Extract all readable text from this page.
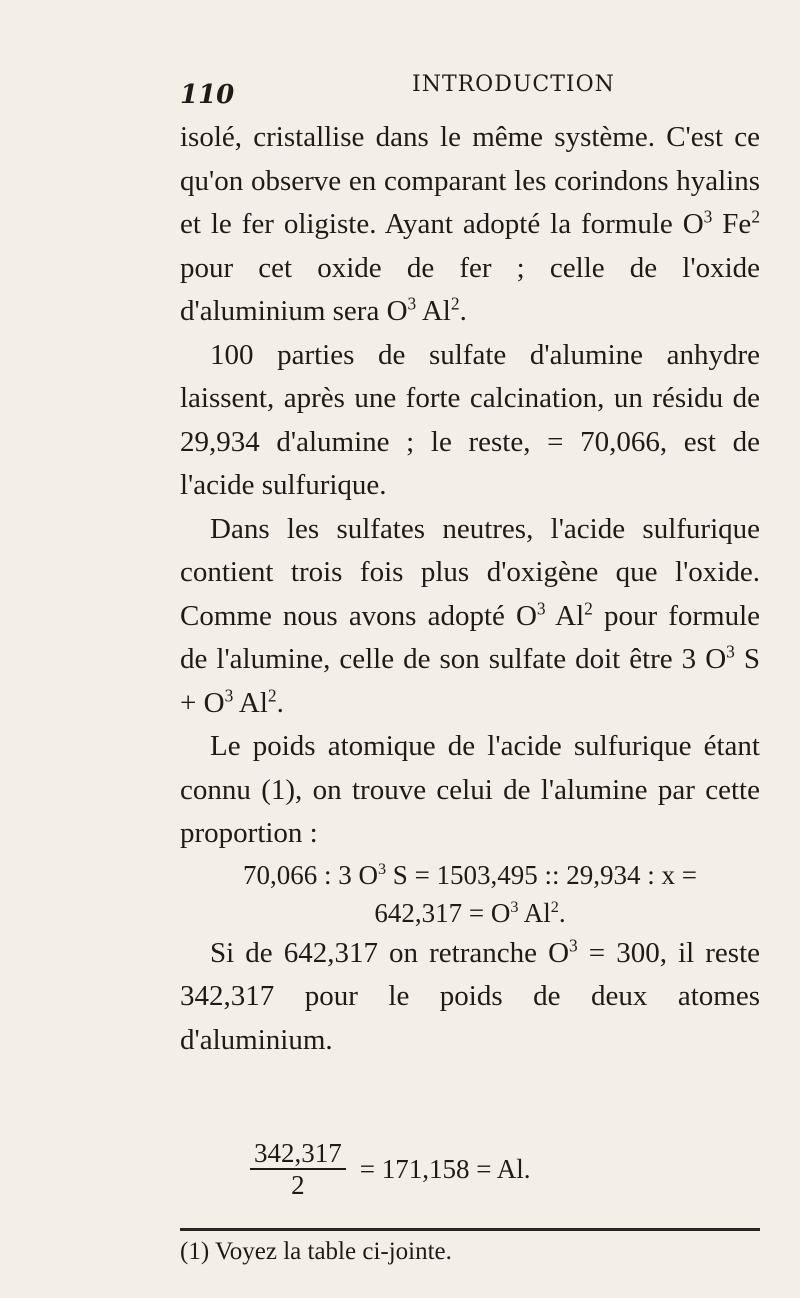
110	INTRODUCTION

isolé, cristallise dans le même système. C'est ce qu'on observe en comparant les corindons hyalins et le fer oligiste. Ayant adopté la formule $O^3$ Fe$^2$ pour cet oxide de fer ; celle de l'oxide d'aluminium sera $O^3$ Al$^2$.

100 parties de sulfate d'alumine anhydre laissent, après une forte calcination, un résidu de 29,934 d'alumine ; le reste, = 70,066, est de l'acide sulfurique.

Dans les sulfates neutres, l'acide sulfurique contient trois fois plus d'oxigène que l'oxide. Comme nous avons adopté $O^3$ Al$^2$ pour formule de l'alumine, celle de son sulfate doit être 3 $O^3$ $S + O^3$ Al$^2$.

Le poids atomique de l'acide sulfurique étant connu (1), on trouve celui de l'alumine par cette proportion :

70,066 : 3 $O^3$ S = 1503,495 :: 29,934 : x =

$642,317 = O^3$ Al$^2$.

Si de 642,317 on retranche $O^3 = 300$, il reste 342,317 pour le poids de deux atomes d'aluminium.

$\frac{342,317}{2} = 171,158 = Al$.
(1) Voyez la table ci-jointe.
